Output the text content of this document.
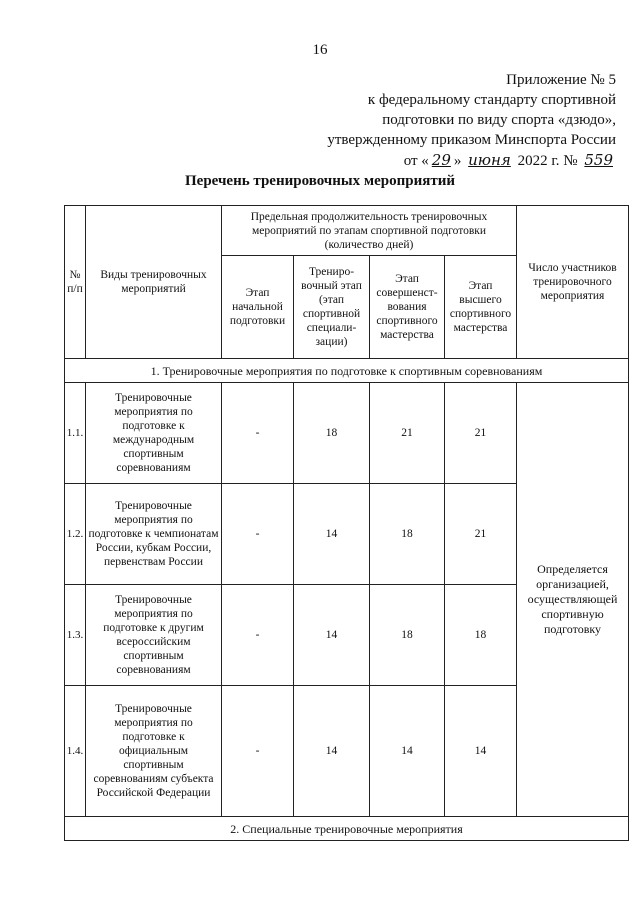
16
Приложение № 5
к федеральному стандарту спортивной
подготовки по виду спорта «дзюдо»,
утвержденному приказом Минспорта России
от « 29 » июня 2022 г. № 559
Перечень тренировочных мероприятий
№ п/п	Виды тренировочных мероприятий	Предельная продолжительность тренировочных мероприятий по этапам спортивной подготовки (количество дней)				Число участников тренировочного мероприятия
		Этап начальной подготовки	Трениро-вочный этап (этап спортивной специали-зации)	Этап совершенст-вования спортивного мастерства	Этап высшего спортивного мастерства	
1. Тренировочные мероприятия по подготовке к спортивным соревнованиям						
1.1.	Тренировочные мероприятия по подготовке к международным спортивным соревнованиям	-	18	21	21	Определяется организацией, осуществляющей спортивную подготовку
1.2.	Тренировочные мероприятия по подготовке к чемпионатам России, кубкам России, первенствам России	-	14	18	21	
1.3.	Тренировочные мероприятия по подготовке к другим всероссийским спортивным соревнованиям	-	14	18	18	
1.4.	Тренировочные мероприятия по подготовке к официальным спортивным соревнованиям субъекта Российской Федерации	-	14	14	14	
2. Специальные тренировочные мероприятия						
